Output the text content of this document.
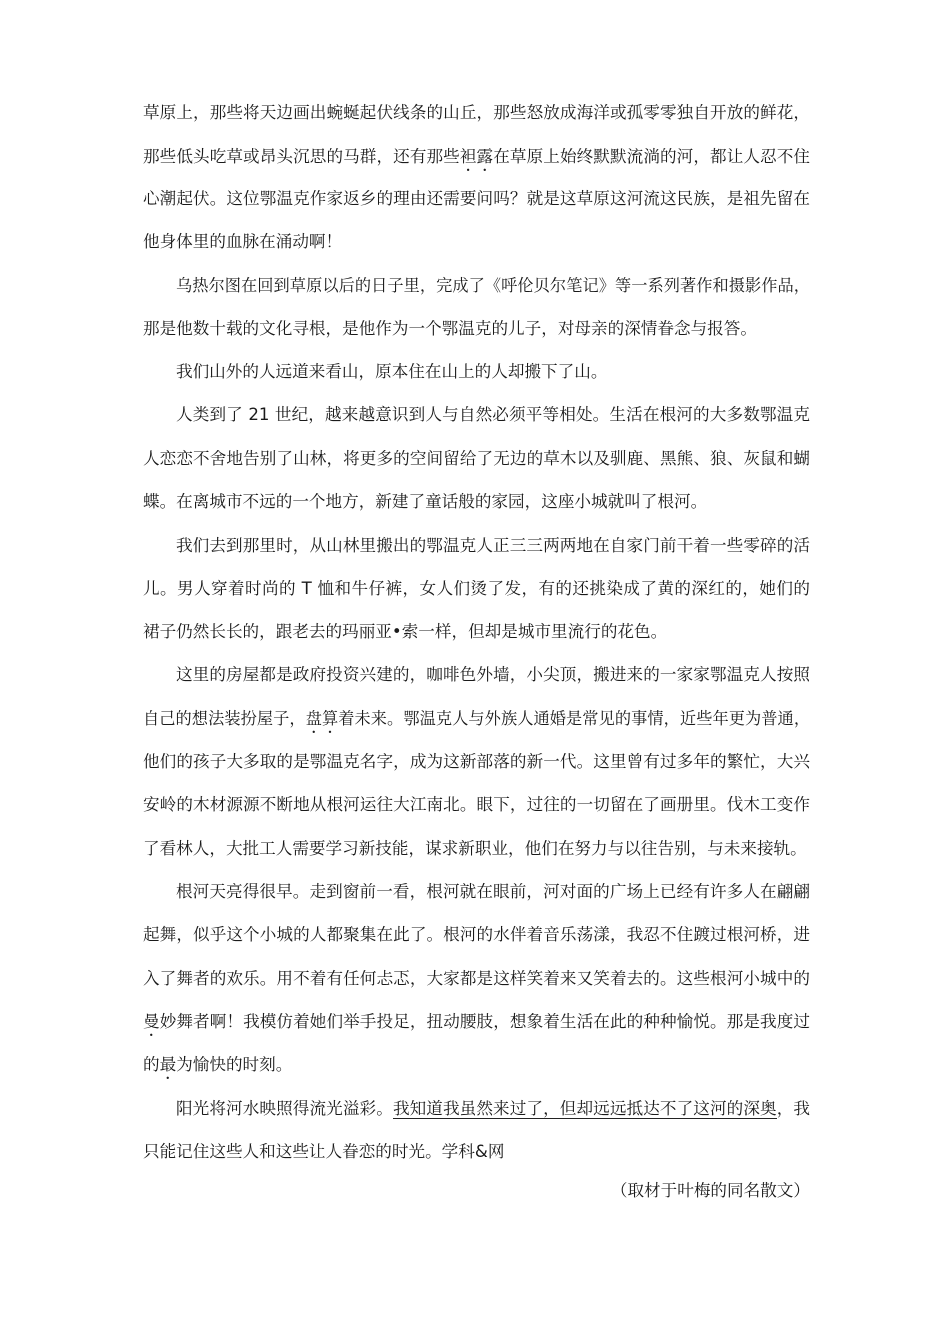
草原上，那些将天边画出蜿蜒起伏线条的山丘，那些怒放成海洋或孤零零独自开放的鲜花，
那些低头吃草或昂头沉思的马群，还有那些袒露在草原上始终默默流淌的河，都让人忍不住
心潮起伏。这位鄂温克作家返乡的理由还需要问吗？就是这草原这河流这民族，是祖先留在
他身体里的血脉在涌动啊！
乌热尔图在回到草原以后的日子里，完成了《呼伦贝尔笔记》等一系列著作和摄影作品，
那是他数十载的文化寻根，是他作为一个鄂温克的儿子，对母亲的深情眷念与报答。
我们山外的人远道来看山，原本住在山上的人却搬下了山。
人类到了 21 世纪，越来越意识到人与自然必须平等相处。生活在根河的大多数鄂温克
人恋恋不舍地告别了山林，将更多的空间留给了无边的草木以及驯鹿、黑熊、狼、灰鼠和蝴
蝶。在离城市不远的一个地方，新建了童话般的家园，这座小城就叫了根河。
我们去到那里时，从山林里搬出的鄂温克人正三三两两地在自家门前干着一些零碎的活
儿。男人穿着时尚的 T 恤和牛仔裤，女人们烫了发，有的还挑染成了黄的深红的，她们的
裙子仍然长长的，跟老去的玛丽亚•索一样，但却是城市里流行的花色。
这里的房屋都是政府投资兴建的，咖啡色外墙，小尖顶，搬进来的一家家鄂温克人按照
自己的想法装扮屋子，盘算着未来。鄂温克人与外族人通婚是常见的事情，近些年更为普通，
他们的孩子大多取的是鄂温克名字，成为这新部落的新一代。这里曾有过多年的繁忙，大兴
安岭的木材源源不断地从根河运往大江南北。眼下，过往的一切留在了画册里。伐木工变作
了看林人，大批工人需要学习新技能，谋求新职业，他们在努力与以往告别，与未来接轨。
根河天亮得很早。走到窗前一看，根河就在眼前，河对面的广场上已经有许多人在翩翩
起舞，似乎这个小城的人都聚集在此了。根河的水伴着音乐荡漾，我忍不住踱过根河桥，进
入了舞者的欢乐。用不着有任何忐忑，大家都是这样笑着来又笑着去的。这些根河小城中的
曼妙舞者啊！我模仿着她们举手投足，扭动腰肢，想象着生活在此的种种愉悦。那是我度过
的最为愉快的时刻。
阳光将河水映照得流光溢彩。我知道我虽然来过了，但却远远抵达不了这河的深奥，我
只能记住这些人和这些让人眷恋的时光。学科&网
（取材于叶梅的同名散文）
